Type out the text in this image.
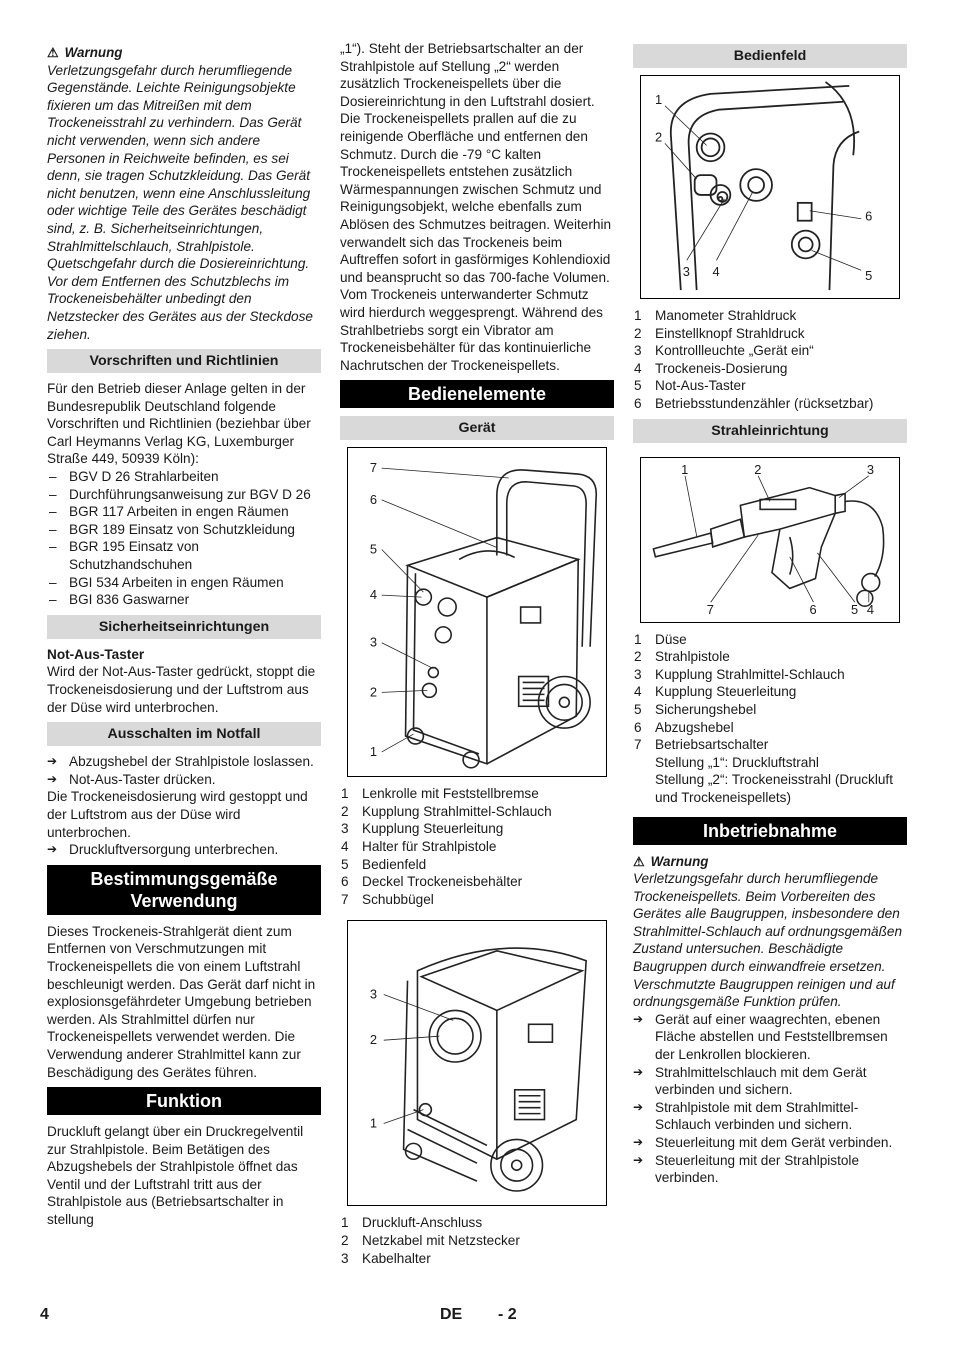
⚠ Warnung

Verletzungsgefahr durch herumfliegende Gegenstände. Leichte Reinigungsobjekte fixieren um das Mitreißen mit dem Trockeneisstrahl zu verhindern. Das Gerät nicht verwenden, wenn sich andere Personen in Reichweite befinden, es sei denn, sie tragen Schutzkleidung. Das Gerät nicht benutzen, wenn eine Anschlussleitung oder wichtige Teile des Gerätes beschädigt sind, z. B. Sicherheitseinrichtungen, Strahlmittelschlauch, Strahlpistole. Quetschgefahr durch die Dosiereinrichtung. Vor dem Entfernen des Schutzblechs im Trockeneisbehälter unbedingt den Netzstecker des Gerätes aus der Steckdose ziehen.

Vorschriften und Richtlinien

Für den Betrieb dieser Anlage gelten in der Bundesrepublik Deutschland folgende Vorschriften und Richtlinien (beziehbar über Carl Heymanns Verlag KG, Luxemburger Straße 449, 50939 Köln):

– BGV D 26 Strahlarbeiten
– Durchführungsanweisung zur BGV D 26
– BGR 117 Arbeiten in engen Räumen
– BGR 189 Einsatz von Schutzkleidung
– BGR 195 Einsatz von Schutzhandschuhen
– BGI 534 Arbeiten in engen Räumen
– BGI 836 Gaswarner
Sicherheitseinrichtungen

Not-Aus-Taster

Wird der Not-Aus-Taster gedrückt, stoppt die Trockeneisdosierung und der Luftstrom aus der Düse wird unterbrochen.

Ausschalten im Notfall
➔ Abzugshebel der Strahlpistole loslassen.
➔ Not-Aus-Taster drücken.

Die Trockeneisdosierung wird gestoppt und der Luftstrom aus der Düse wird unterbrochen.

➔ Druckluftversorgung unterbrechen.
Bestimmungsgemäße Verwendung

Dieses Trockeneis-Strahlgerät dient zum Entfernen von Verschmutzungen mit Trockeneispellets die von einem Luftstrahl beschleunigt werden. Das Gerät darf nicht in explosionsgefährdeter Umgebung betrieben werden. Als Strahlmittel dürfen nur Trockeneispellets verwendet werden. Die Verwendung anderer Strahlmittel kann zur Beschädigung des Gerätes führen.

Funktion

Druckluft gelangt über ein Druckregelventil zur Strahlpistole. Beim Betätigen des Abzugshebels der Strahlpistole öffnet das Ventil und der Luftstrahl tritt aus der Strahlpistole aus (Betriebsartschalter in stellung

„1“). Steht der Betriebsartschalter an der Strahlpistole auf Stellung „2“ werden zusätzlich Trockeneispellets über die Dosiereinrichtung in den Luftstrahl dosiert. Die Trockeneispellets prallen auf die zu reinigende Oberfläche und entfernen den Schmutz. Durch die -79 °C kalten Trockeneispellets entstehen zusätzlich Wärmespannungen zwischen Schmutz und Reinigungsobjekt, welche ebenfalls zum Ablösen des Schmutzes beitragen. Weiterhin verwandelt sich das Trockeneis beim Auftreffen sofort in gasförmiges Kohlendioxid und beansprucht so das 700-fache Volumen. Vom Trockeneis unterwanderter Schmutz wird hierdurch weggesprengt. Während des Strahlbetriebs sorgt ein Vibrator am Trockeneisbehälter für das kontinuierliche Nachrutschen der Trockeneispellets.

Bedienelemente
Gerät
1
2
3
4
5
6
7
1 Lenkrolle mit Feststellbremse
2 Kupplung Strahlmittel-Schlauch
3 Kupplung Steuerleitung
4 Halter für Strahlpistole
5 Bedienfeld
6 Deckel Trockeneisbehälter
7 Schubbügel
1
2
3
1 Druckluft-Anschluss
2 Netzkabel mit Netzstecker
3 Kabelhalter
Bedienfeld
1
2
3 4	5
6
1 Manometer Strahldruck
2 Einstellknopf Strahldruck
3 Kontrollleuchte „Gerät ein“
4 Trockeneis-Dosierung
5 Not-Aus-Taster
6 Betriebsstundenzähler (rücksetzbar)
Strahleinrichtung
1	2	3
4
5
6
7
1 Düse
2 Strahlpistole
3 Kupplung Strahlmittel-Schlauch
4 Kupplung Steuerleitung
5 Sicherungshebel
6 Abzugshebel
7 Betriebsartschalter

Stellung „1“: Druckluftstrahl

Stellung „2“: Trockeneisstrahl (Druckluft und Trockeneispellets)

Inbetriebnahme
⚠ Warnung

Verletzungsgefahr durch herumfliegende Trockeneispellets. Beim Vorbereiten des Gerätes alle Baugruppen, insbesondere den Strahlmittel-Schlauch auf ordnungsgemäßen Zustand untersuchen. Beschädigte Baugruppen durch einwandfreie ersetzen. Verschmutzte Baugruppen reinigen und auf ordnungsgemäße Funktion prüfen.

➔ Gerät auf einer waagrechten, ebenen Fläche abstellen und Feststellbremsen der Lenkrollen blockieren.
➔ Strahlmittelschlauch mit dem Gerät verbinden und sichern.
➔ Strahlpistole mit dem Strahlmittel-Schlauch verbinden und sichern.
➔ Steuerleitung mit dem Gerät verbinden.
➔ Steuerleitung mit der Strahlpistole verbinden.
4	DE - 2
